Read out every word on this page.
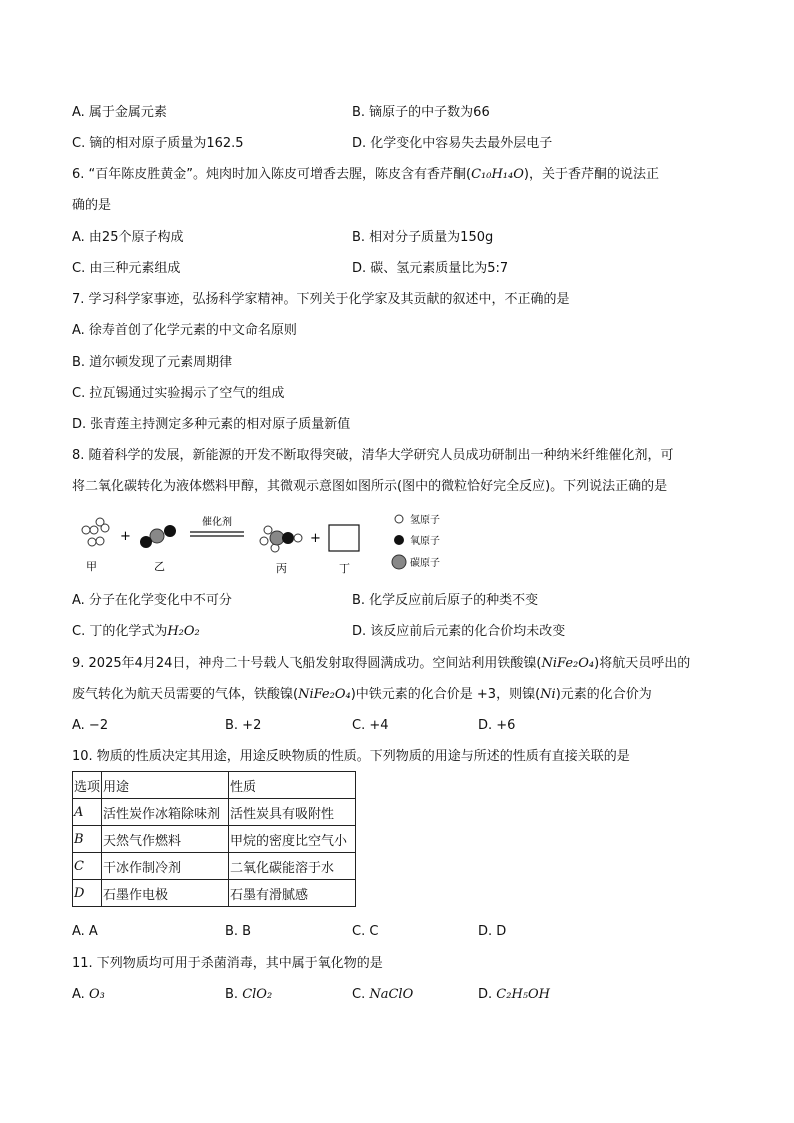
A. 属于金属元素	B. 镝原子的中子数为66
C. 镝的相对原子质量为162.5	D. 化学变化中容易失去最外层电子
6. “百年陈皮胜黄金”。炖肉时加入陈皮可增香去腥，陈皮含有香芹酮(C₁₀H₁₄O)，关于香芹酮的说法正
确的是
A. 由25个原子构成	B. 相对分子质量为150g
C. 由三种元素组成	D. 碳、氢元素质量比为5:7
7. 学习科学家事迹，弘扬科学家精神。下列关于化学家及其贡献的叙述中，不正确的是
A. 徐寿首创了化学元素的中文命名原则
B. 道尔顿发现了元素周期律
C. 拉瓦锡通过实验揭示了空气的组成
D. 张青莲主持测定多种元素的相对原子质量新值
8. 随着科学的发展，新能源的开发不断取得突破，清华大学研究人员成功研制出一种纳米纤维催化剂，可
将二氧化碳转化为液体燃料甲醇，其微观示意图如图所示(图中的微粒恰好完全反应)。下列说法正确的是
甲
+
乙
催化剂
丙
+
丁
氢原子
氧原子
碳原子
A. 分子在化学变化中不可分	B. 化学反应前后原子的种类不变
C. 丁的化学式为H₂O₂	D. 该反应前后元素的化合价均未改变
9. 2025年4月24日，神舟二十号载人飞船发射取得圆满成功。空间站利用铁酸镍(NiFe₂O₄)将航天员呼出的
废气转化为航天员需要的气体，铁酸镍(NiFe₂O₄)中铁元素的化合价是 +3，则镍(Ni)元素的化合价为
A. −2	B. +2	C. +4	D. +6
10. 物质的性质决定其用途，用途反映物质的性质。下列物质的用途与所述的性质有直接关联的是
选项	用途	性质
A	活性炭作冰箱除味剂	活性炭具有吸附性
B	天然气作燃料	甲烷的密度比空气小
C	干冰作制冷剂	二氧化碳能溶于水
D	石墨作电极	石墨有滑腻感
A. A	B. B	C. C	D. D
11. 下列物质均可用于杀菌消毒，其中属于氧化物的是
A. O₃	B. ClO₂	C. NaClO	D. C₂H₅OH
